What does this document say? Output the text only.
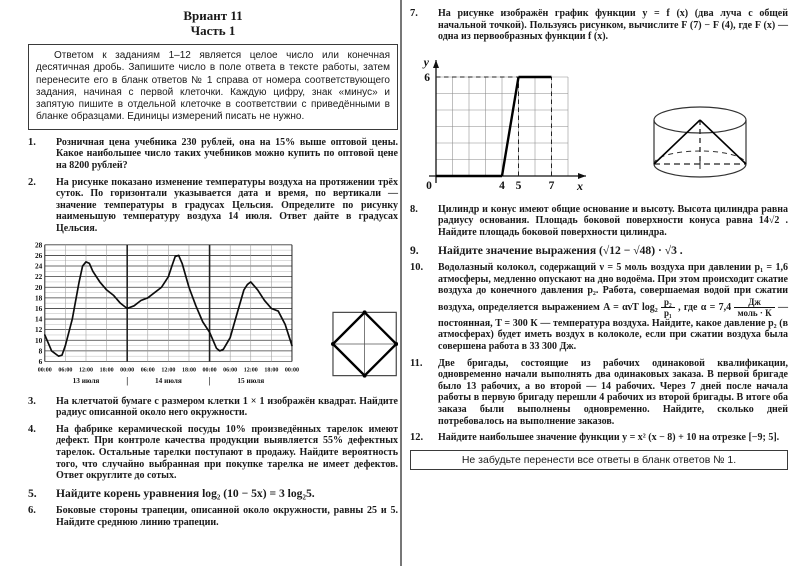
Вриант 11
Часть 1

Ответом к заданиям 1–12 является целое число или конечная десятичная дробь. Запишите число в поле ответа в тексте работы, затем перенесите его в бланк ответов № 1 справа от номера соответствующего задания, начиная с первой клеточки. Каждую цифру, знак «минус» и запятую пишите в отдельной клеточке в соответствии с приведёнными в бланке образцами. Единицы измерений писать не нужно.

1.	Розничная цена учебника 230 рублей, она на 15% выше оптовой цены. Какое наибольшее число таких учебников можно купить по оптовой цене на 8200 рублей?

2.	На рисунке показано изменение температуры воздуха на протяжении трёх суток. По горизонтали указывается дата и время, по вертикали — значение температуры в градусах Цельсия. Определите по рисунку наименьшую температуру воздуха 14 июля. Ответ дайте в градусах Цельсия.

6
8
10
12
14
16
18
20
22
24
26
28
00:00 06:00 12:00 18:00 00:00 06:00 12:00 18:00 00:00 06:00 12:00 18:00 00:00
13 июля	14 июля	15 июля
|	|
3.	На клетчатой бумаге с размером клетки 1 × 1 изображён квадрат. Найдите радиус описанной около него окружности.

4.	На фабрике керамической посуды 10% произведённых тарелок имеют дефект. При контроле качества продукции выявляется 55% дефектных тарелок. Остальные тарелки поступают в продажу. Найдите вероятность того, что случайно выбранная при покупке тарелка не имеет дефектов. Ответ округлите до сотых.

5.	Найдите корень уравнения log₂ (10 − 5x) = 3 log₂5.

6.	Боковые стороны трапеции, описанной около окружности, равны 25 и 5. Найдите среднюю линию трапеции.

7.	На рисунке изображён график функции y = f (x) (два луча с общей начальной точкой). Пользуясь рисунком, вычислите F (7) − F (4), где F (x) — одна из первообразных функции f (x).

0	4 5 7
6
x
y
8.	Цилиндр и конус имеют общие основание и высоту. Высота цилиндра равна радиусу основания. Площадь боковой поверхности конуса равна 14√2 . Найдите площадь боковой поверхности цилиндра.

9.	Найдите значение выражения (√12 − √48) · √3 .

10.	Водолазный колокол, содержащий ν = 5 моль воздуха при давлении p₁ = 1,6 атмосферы, медленно опускают на дно водоёма. При этом происходит сжатие воздуха до конечного давления p₂. Работа, совершаемая водой при сжатии воздуха, определяется выражением A = ανT $\log_2 \frac{\text{p₂}}{\text{p₁}}$ , где $\alpha = 7,4 \frac{Дж}{\text{моль · К}}$ — постоянная, T = 300 К — температура воздуха. Найдите, какое давление p₂ (в атмосферах) будет иметь воздух в колоколе, если при сжатии воздуха была совершена работа в 33 300 Дж.

11.	Две бригады, состоящие из рабочих одинаковой квалификации, одновременно начали выполнять два одинаковых заказа. В первой бригаде было 13 рабочих, а во второй — 14 рабочих. Через 7 дней после начала работы в первую бригаду перешли 4 рабочих из второй бригады. В итоге оба заказа были выполнены одновременно. Найдите, сколько дней потребовалось на выполнение заказов.

12.	Найдите наибольшее значение функции y = x² (x − 8) + 10 на отрезке [−9; 5].

Не забудьте перенести все ответы в бланк ответов № 1.
